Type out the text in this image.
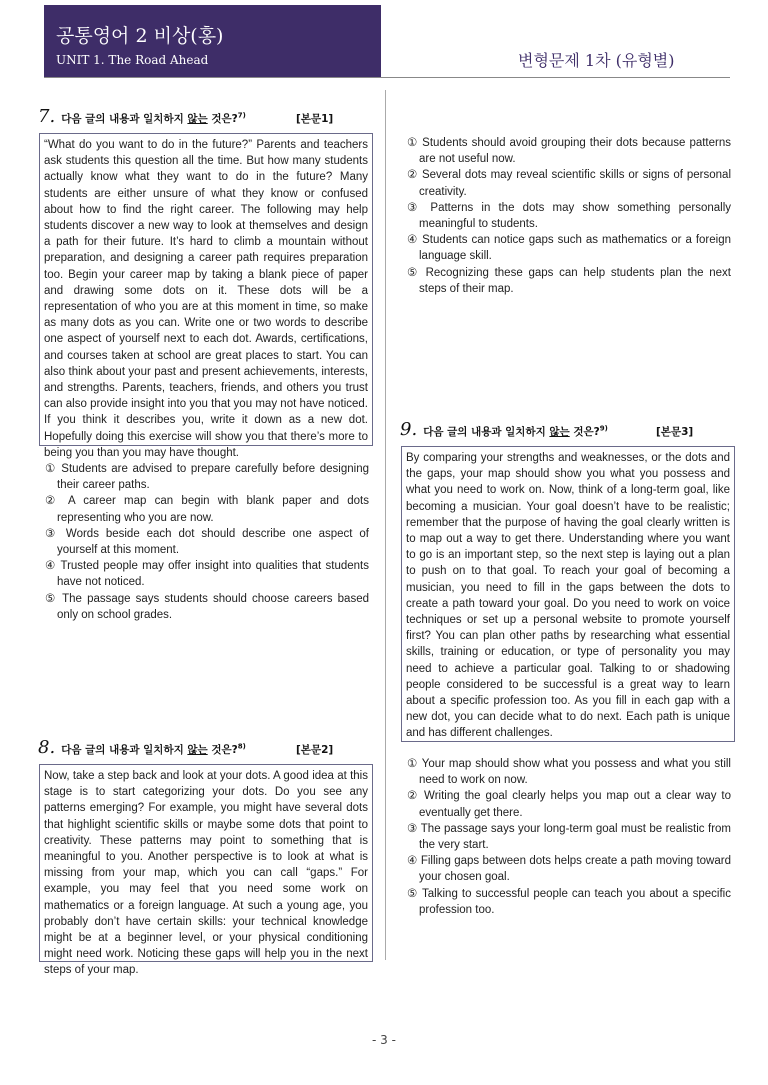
공통영어 2 비상(홍)
UNIT 1. The Road Ahead	변형문제 1차 (유형별)
7. 다음 글의 내용과 일치하지 않는 것은?$^{7)}$	[본문1]
“What do you want to do in the future?” Parents and teachers ask students this question all the time. But how many students actually know what they want to do in the future? Many students are either unsure of what they know or confused about how to find the right career. The following may help students discover a new way to look at themselves and design a path for their future. It’s hard to climb a mountain without preparation, and designing a career path requires preparation too. Begin your career map by taking a blank piece of paper and drawing some dots on it. These dots will be a representation of who you are at this moment in time, so make as many dots as you can. Write one or two words to describe one aspect of yourself next to each dot. Awards, certifications, and courses taken at school are great places to start. You can also think about your past and present achievements, interests, and strengths. Parents, teachers, friends, and others you trust can also provide insight into you that you may not have noticed. If you think it describes you, write it down as a new dot. Hopefully doing this exercise will show you that there’s more to being you than you may have thought.
① Students are advised to prepare carefully before designing their career paths.
② A career map can begin with blank paper and dots representing who you are now.
③ Words beside each dot should describe one aspect of yourself at this moment.
④ Trusted people may offer insight into qualities that students have not noticed.
⑤ The passage says students should choose careers based only on school grades.
8. 다음 글의 내용과 일치하지 않는 것은?$^{8)}$	[본문2]
Now, take a step back and look at your dots. A good idea at this stage is to start categorizing your dots. Do you see any patterns emerging? For example, you might have several dots that highlight scientific skills or maybe some dots that point to creativity. These patterns may point to something that is meaningful to you. Another perspective is to look at what is missing from your map, which you can call “gaps.” For example, you may feel that you need some work on mathematics or a foreign language. At such a young age, you probably don’t have certain skills: your technical knowledge might be at a beginner level, or your physical conditioning might need work. Noticing these gaps will help you in the next steps of your map.
① Students should avoid grouping their dots because patterns are not useful now.
② Several dots may reveal scientific skills or signs of personal creativity.
③ Patterns in the dots may show something personally meaningful to students.
④ Students can notice gaps such as mathematics or a foreign language skill.
⑤ Recognizing these gaps can help students plan the next steps of their map.
9. 다음 글의 내용과 일치하지 않는 것은?$^{9)}$	[본문3]
By comparing your strengths and weaknesses, or the dots and the gaps, your map should show you what you possess and what you need to work on. Now, think of a long-term goal, like becoming a musician. Your goal doesn’t have to be realistic; remember that the purpose of having the goal clearly written is to map out a way to get there. Understanding where you want to go is an important step, so the next step is laying out a plan to push on to that goal. To reach your goal of becoming a musician, you need to fill in the gaps between the dots to create a path toward your goal. Do you need to work on voice techniques or set up a personal website to promote yourself first? You can plan other paths by researching what essential skills, training or education, or type of personality you may need to achieve a particular goal. Talking to or shadowing people considered to be successful is a great way to learn about a specific profession too. As you fill in each gap with a new dot, you can decide what to do next. Each path is unique and has different challenges.
① Your map should show what you possess and what you still need to work on now.
② Writing the goal clearly helps you map out a clear way to eventually get there.
③ The passage says your long-term goal must be realistic from the very start.
④ Filling gaps between dots helps create a path moving toward your chosen goal.
⑤ Talking to successful people can teach you about a specific profession too.
- 3 -
